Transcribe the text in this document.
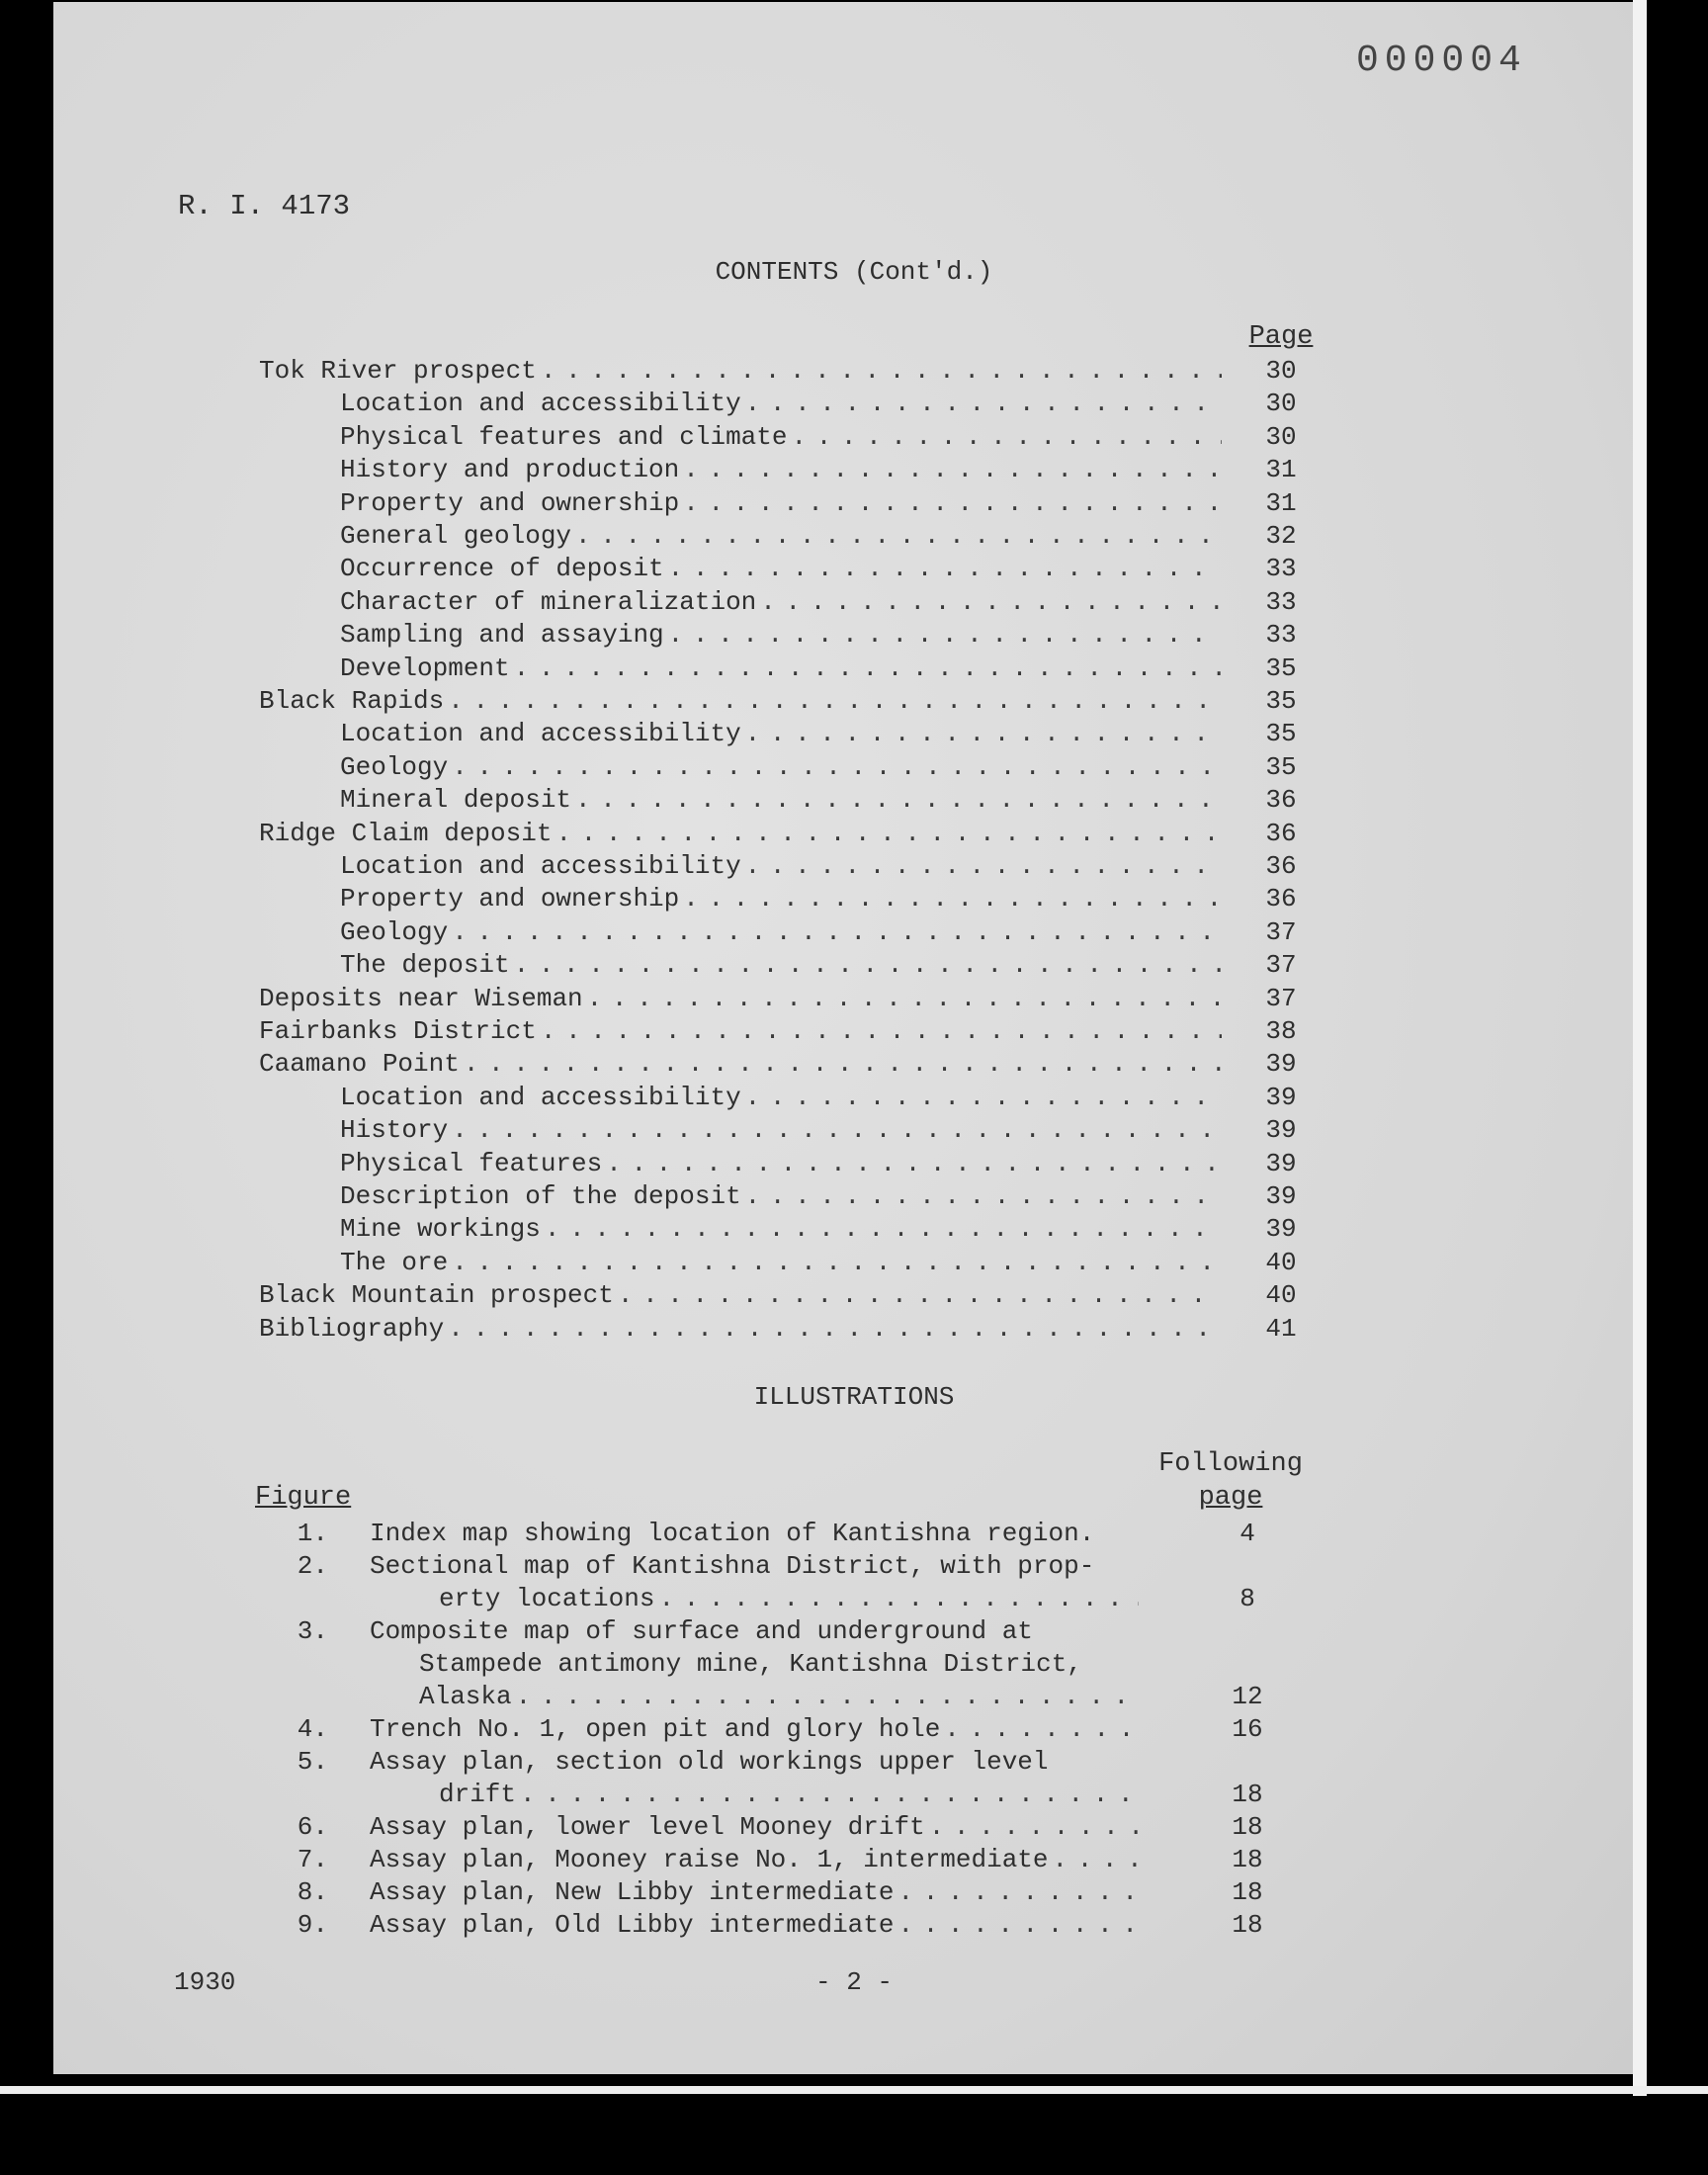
000004
R. I. 4173
CONTENTS (Cont'd.)
Page
Tok River prospect . . .	30
Location and accessibility . . .	30
Physical features and climate . . .	30
History and production . . .	31
Property and ownership . . .	31
General geology . . .	32
Occurrence of deposit . . .	33
Character of mineralization . . .	33
Sampling and assaying . . .	33
Development . . .	35
Black Rapids . . .	35
Location and accessibility . . .	35
Geology . . .	35
Mineral deposit . . .	36
Ridge Claim deposit . . .	36
Location and accessibility . . .	36
Property and ownership . . .	36
Geology . . .	37
The deposit . . .	37
Deposits near Wiseman . . .	37
Fairbanks District . . .	38
Caamano Point . . .	39
Location and accessibility . . .	39
History . . .	39
Physical features . . .	39
Description of the deposit . . .	39
Mine workings . . .	39
The ore . . .	40
Black Mountain prospect . . .	40
Bibliography . . .	41
ILLUSTRATIONS
Following
page
Figure
1. Index map showing location of Kantishna region.	4
2. Sectional map of Kantishna District, with prop-
erty locations . . .	8
3. Composite map of surface and underground at
Stampede antimony mine, Kantishna District,
Alaska . . .	12
4. Trench No. 1, open pit and glory hole . . .	16
5. Assay plan, section old workings upper level
drift . . .	18
6. Assay plan, lower level Mooney drift . . .	18
7. Assay plan, Mooney raise No. 1, intermediate . . .	18
8. Assay plan, New Libby intermediate . . .	18
9. Assay plan, Old Libby intermediate . . .	18
1930	- 2 -
